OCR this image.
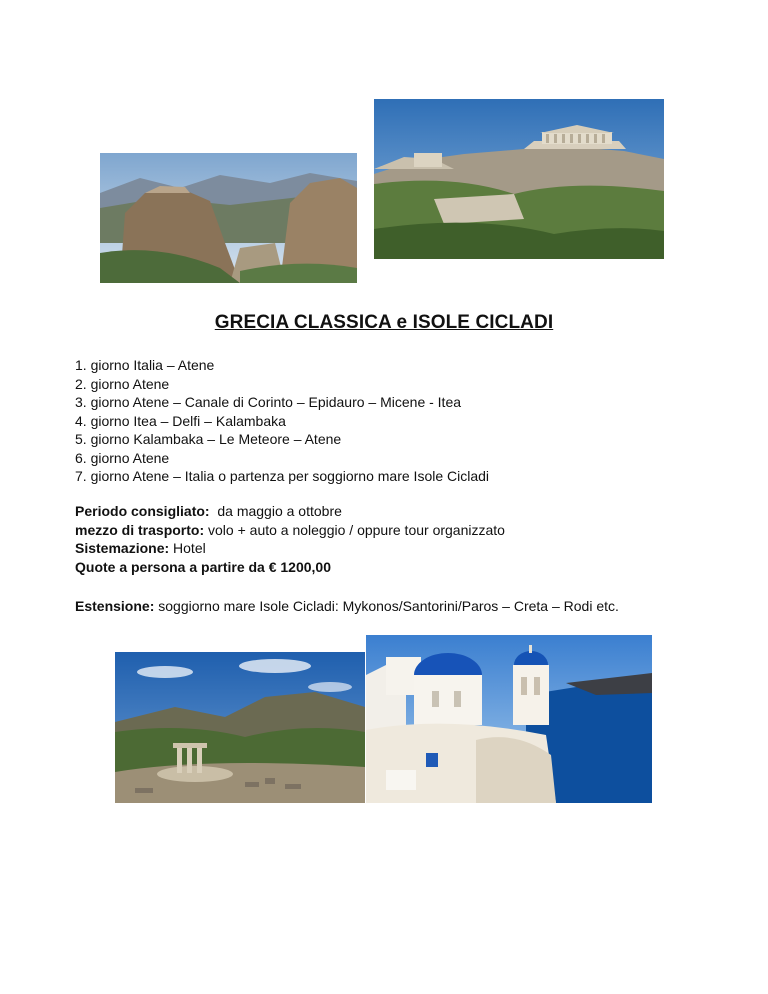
GRECIA CLASSICA e ISOLE CICLADI
1. giorno Italia – Atene
2. giorno Atene
3. giorno Atene – Canale di Corinto – Epidauro – Micene - Itea
4. giorno Itea – Delfi – Kalambaka
5. giorno Kalambaka – Le Meteore – Atene
6. giorno Atene
7. giorno Atene – Italia o partenza per soggiorno mare Isole Cicladi
Periodo consigliato: da maggio a ottobre
mezzo di trasporto: volo + auto a noleggio / oppure tour organizzato
Sistemazione: Hotel
Quote a persona a partire da € 1200,00
Estensione: soggiorno mare Isole Cicladi: Mykonos/Santorini/Paros – Creta – Rodi etc.
